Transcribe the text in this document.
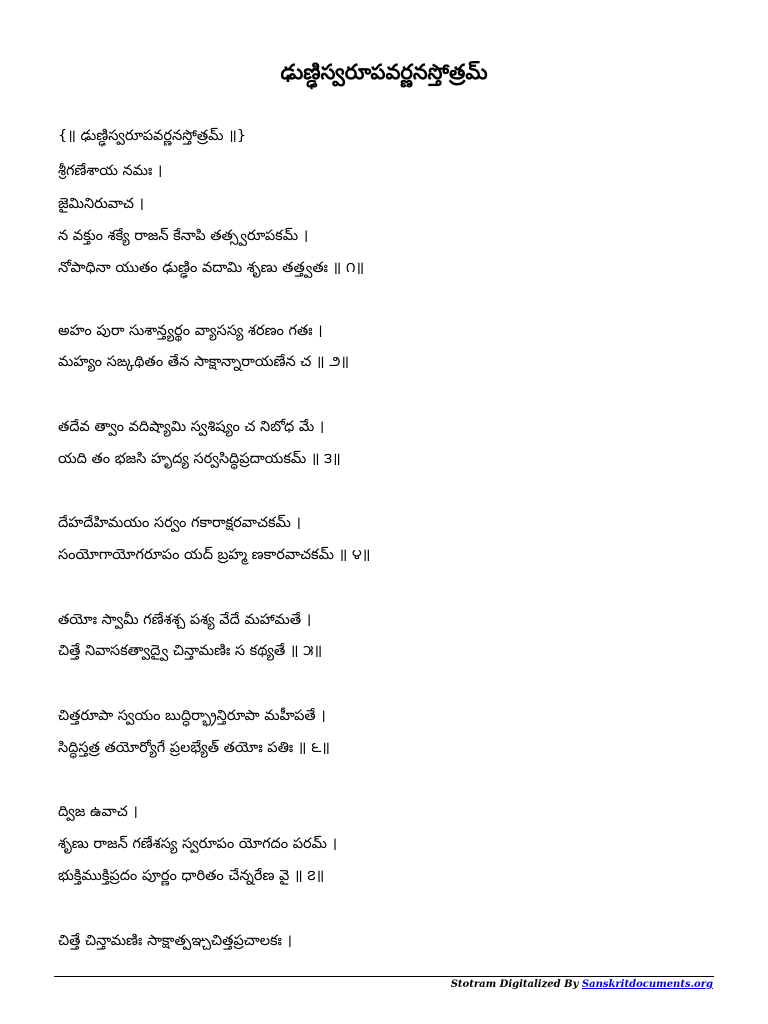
ఢుణ్ఢిస్వరూపవర్ణనస్తోత్రమ్
{॥ ఢుణ్ఢిస్వరూపవర్ణనస్తోత్రమ్ ॥}
శ్రీగణేశాయ నమః ।
జైమినిరువాచ ।
న వక్తుం శక్యే రాజన్ కేనాపి తత్స్వరూపకమ్ ।
నోపాధినా యుతం ఢుణ్ఢిం వదామి శృణు తత్త్వతః ॥ ౧॥
అహం పురా సుశాన్త్యర్థం వ్యాసస్య శరణం గతః ।
మహ్యం సఙ్కథితం తేన సాక్షాన్నారాయణేన చ ॥ ౨॥
తదేవ త్వాం వదిష్యామి స్వశిష్యం చ నిబోధ మే ।
యది తం భజసి హృద్య సర్వసిద్ధిప్రదాయకమ్ ॥ ౩॥
దేహదేహిమయం సర్వం గకారాక్షరవాచకమ్ ।
సంయోగాయోగరూపం యద్ బ్రహ్మ ణకారవాచకమ్ ॥ ౪॥
తయోః స్వామీ గణేశశ్చ పశ్య వేదే మహామతే ।
చిత్తే నివాసకత్వాద్వై చిన్తామణిః స కథ్యతే ॥ ౫॥
చిత్తరూపా స్వయం బుద్ధిర్భ్రాన్తిరూపా మహీపతే ।
సిద్ధిస్తత్ర తయోర్యోగే ప్రలభ్యేత్ తయోః పతిః ॥ ౬॥
ద్విజ ఉవాచ ।
శృణు రాజన్ గణేశస్య స్వరూపం యోగదం పరమ్ ।
భుక్తిముక్తిప్రదం పూర్ణం ధారితం చేన్నరేణ వై ॥ ౭॥
చిత్తే చిన్తామణిః సాక్షాత్పఞ్చచిత్తప్రచాలకః ।
Stotram Digitalized By Sanskritdocuments.org
